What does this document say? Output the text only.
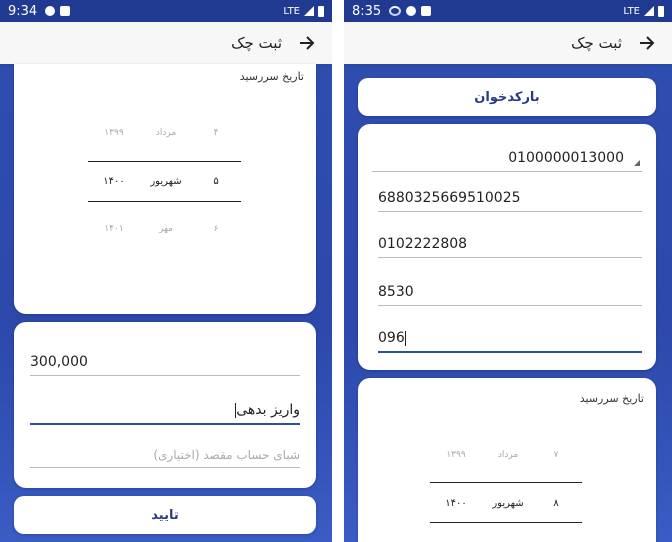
9:34	LTE
ثبت چک
تاریخ سررسید
۱۳۹۹	مرداد	۴
۱۴۰۰	شهریور	۵
۱۴۰۱	مهر	۶
300,000
واریز بدهی
شبای حساب مقصد (اختیاری)
تایید
8:35	LTE
ثبت چک
بارکدخوان
0100000013000
6880325669510025
0102222808
8530
096
تاریخ سررسید
۱۳۹۹	مرداد	۷
۱۴۰۰	شهریور	۸
